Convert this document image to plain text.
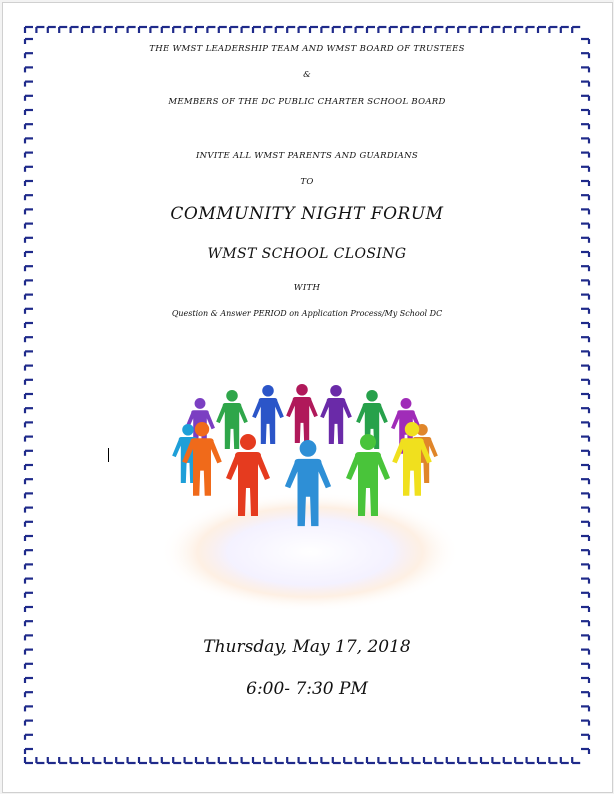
THE WMST LEADERSHIP TEAM AND WMST BOARD OF TRUSTEES
&
MEMBERS OF THE DC PUBLIC CHARTER SCHOOL BOARD
INVITE ALL WMST PARENTS AND GUARDIANS
TO
COMMUNITY NIGHT FORUM
WMST SCHOOL CLOSING
WITH
Question & Answer PERIOD on Application Process/My School DC
Thursday, May 17, 2018
6:00- 7:30 PM
